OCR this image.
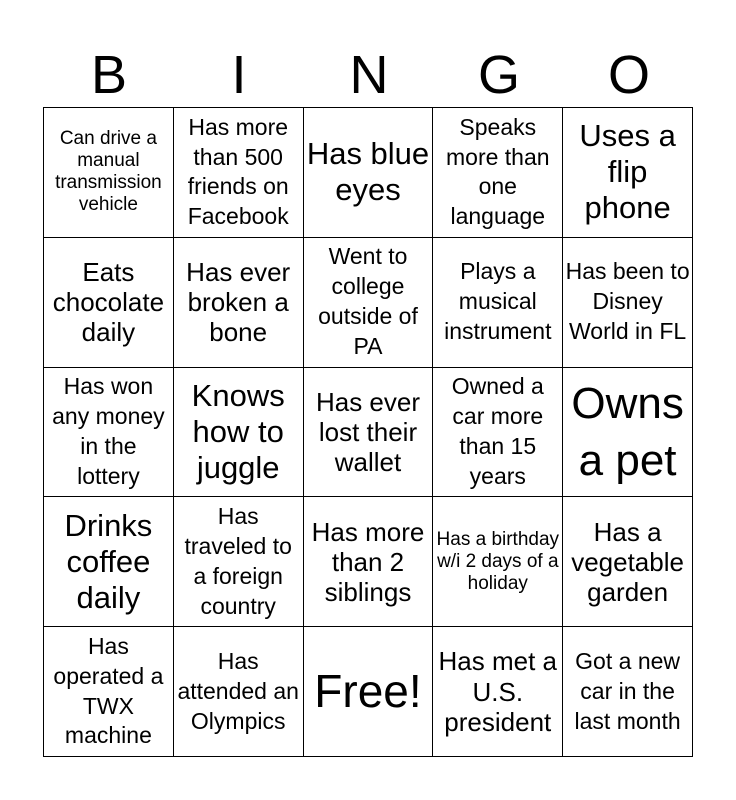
B	I	N	G	O
Can drive a manual transmission vehicle
Has more than 500 friends on Facebook
Has blue eyes
Speaks more than one language
Uses a flip phone
Eats chocolate daily
Has ever broken a bone
Went to college outside of PA
Plays a musical instrument
Has been to Disney World in FL
Has won any money in the lottery
Knows how to juggle
Has ever lost their wallet
Owned a car more than 15 years
Owns a pet
Drinks coffee daily
Has traveled to a foreign country
Has more than 2 siblings
Has a birthday w/i 2 days of a holiday
Has a vegetable garden
Has operated a TWX machine
Has attended an Olympics
Free!
Has met a U.S. president
Got a new car in the last month
